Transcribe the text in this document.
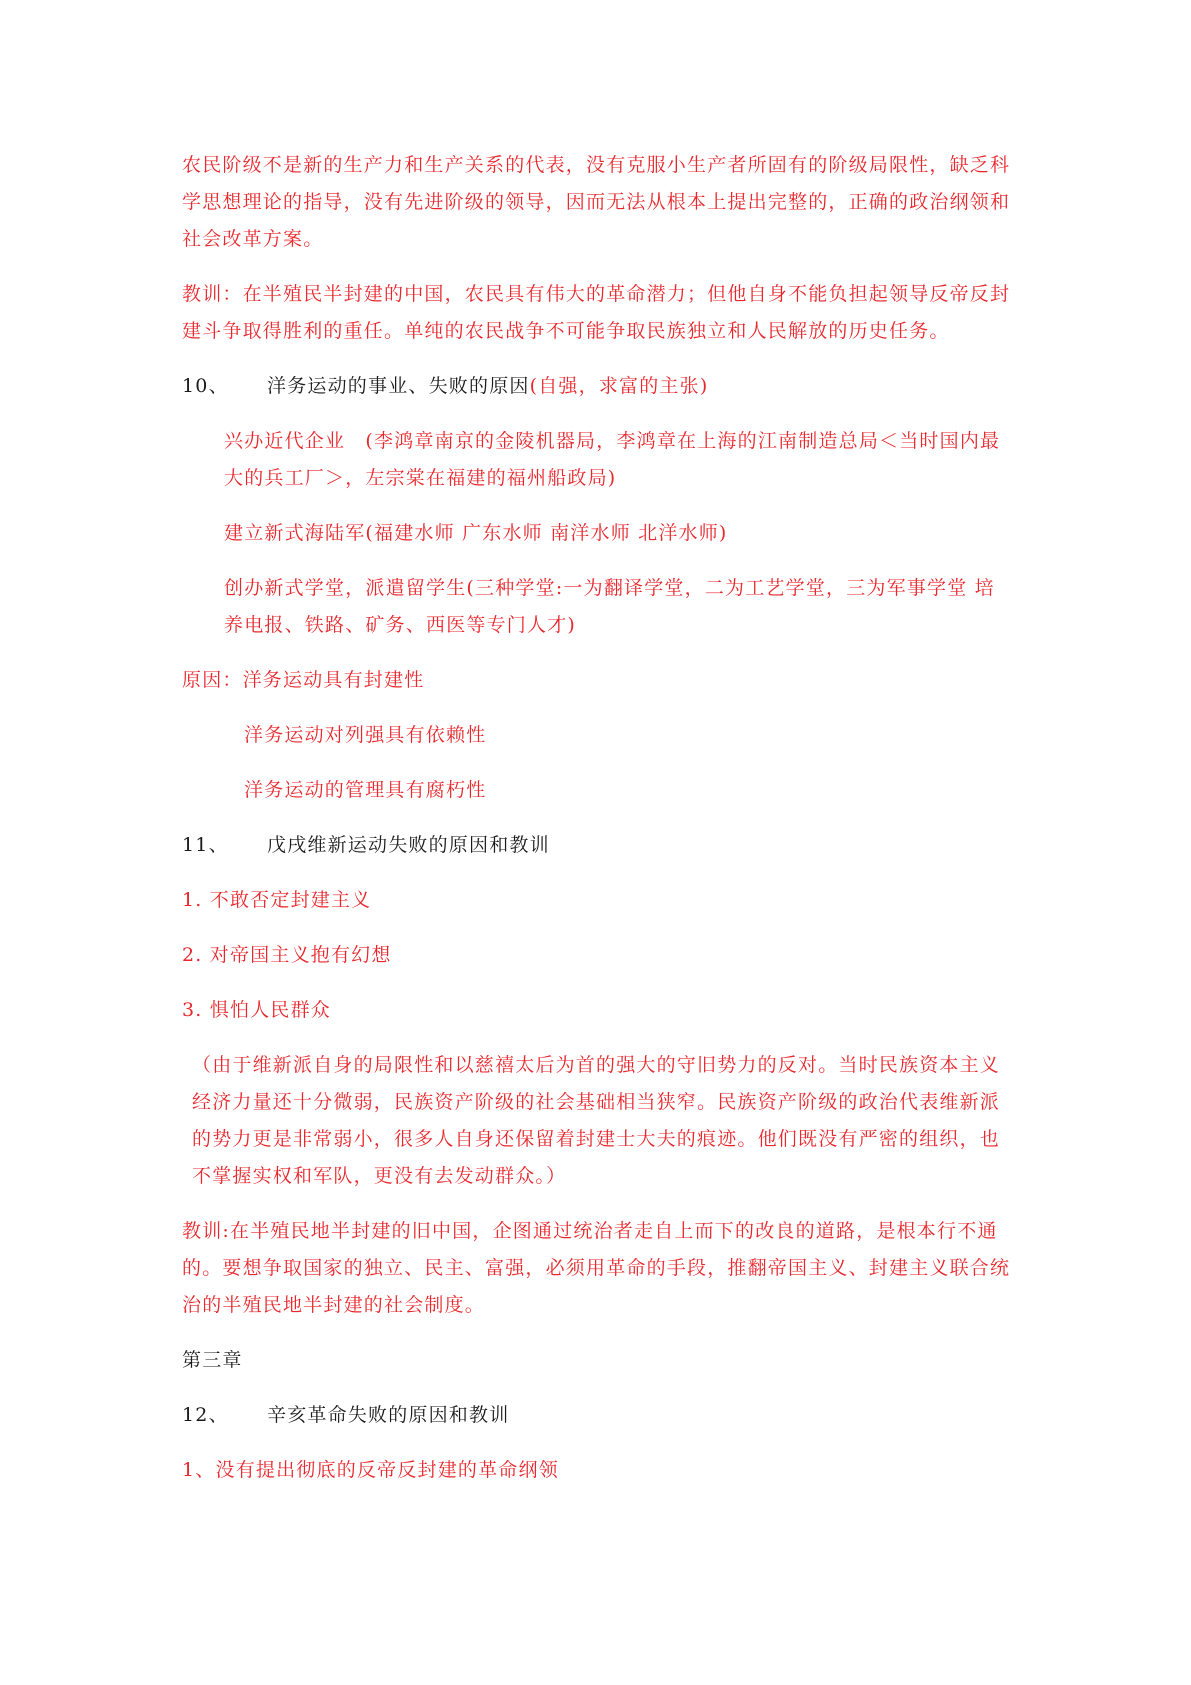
农民阶级不是新的生产力和生产关系的代表，没有克服小生产者所固有的阶级局限性，缺乏科学思想理论的指导，没有先进阶级的领导，因而无法从根本上提出完整的，正确的政治纲领和社会改革方案。

教训：在半殖民半封建的中国，农民具有伟大的革命潜力；但他自身不能负担起领导反帝反封建斗争取得胜利的重任。单纯的农民战争不可能争取民族独立和人民解放的历史任务。

10、 洋务运动的事业、失败的原因(自强，求富的主张)

兴办近代企业　(李鸿章南京的金陵机器局，李鸿章在上海的江南制造总局＜当时国内最大的兵工厂＞，左宗棠在福建的福州船政局)

建立新式海陆军(福建水师 广东水师 南洋水师 北洋水师)

创办新式学堂，派遣留学生(三种学堂:一为翻译学堂，二为工艺学堂，三为军事学堂 培养电报、铁路、矿务、西医等专门人才)

原因：洋务运动具有封建性

洋务运动对列强具有依赖性

洋务运动的管理具有腐朽性

11、 戊戌维新运动失败的原因和教训

1. 不敢否定封建主义

2. 对帝国主义抱有幻想

3. 惧怕人民群众

（由于维新派自身的局限性和以慈禧太后为首的强大的守旧势力的反对。当时民族资本主义经济力量还十分微弱，民族资产阶级的社会基础相当狭窄。民族资产阶级的政治代表维新派的势力更是非常弱小，很多人自身还保留着封建士大夫的痕迹。他们既没有严密的组织，也不掌握实权和军队，更没有去发动群众。）

教训:在半殖民地半封建的旧中国，企图通过统治者走自上而下的改良的道路，是根本行不通的。要想争取国家的独立、民主、富强，必须用革命的手段，推翻帝国主义、封建主义联合统治的半殖民地半封建的社会制度。

第三章

12、 辛亥革命失败的原因和教训

1、没有提出彻底的反帝反封建的革命纲领
